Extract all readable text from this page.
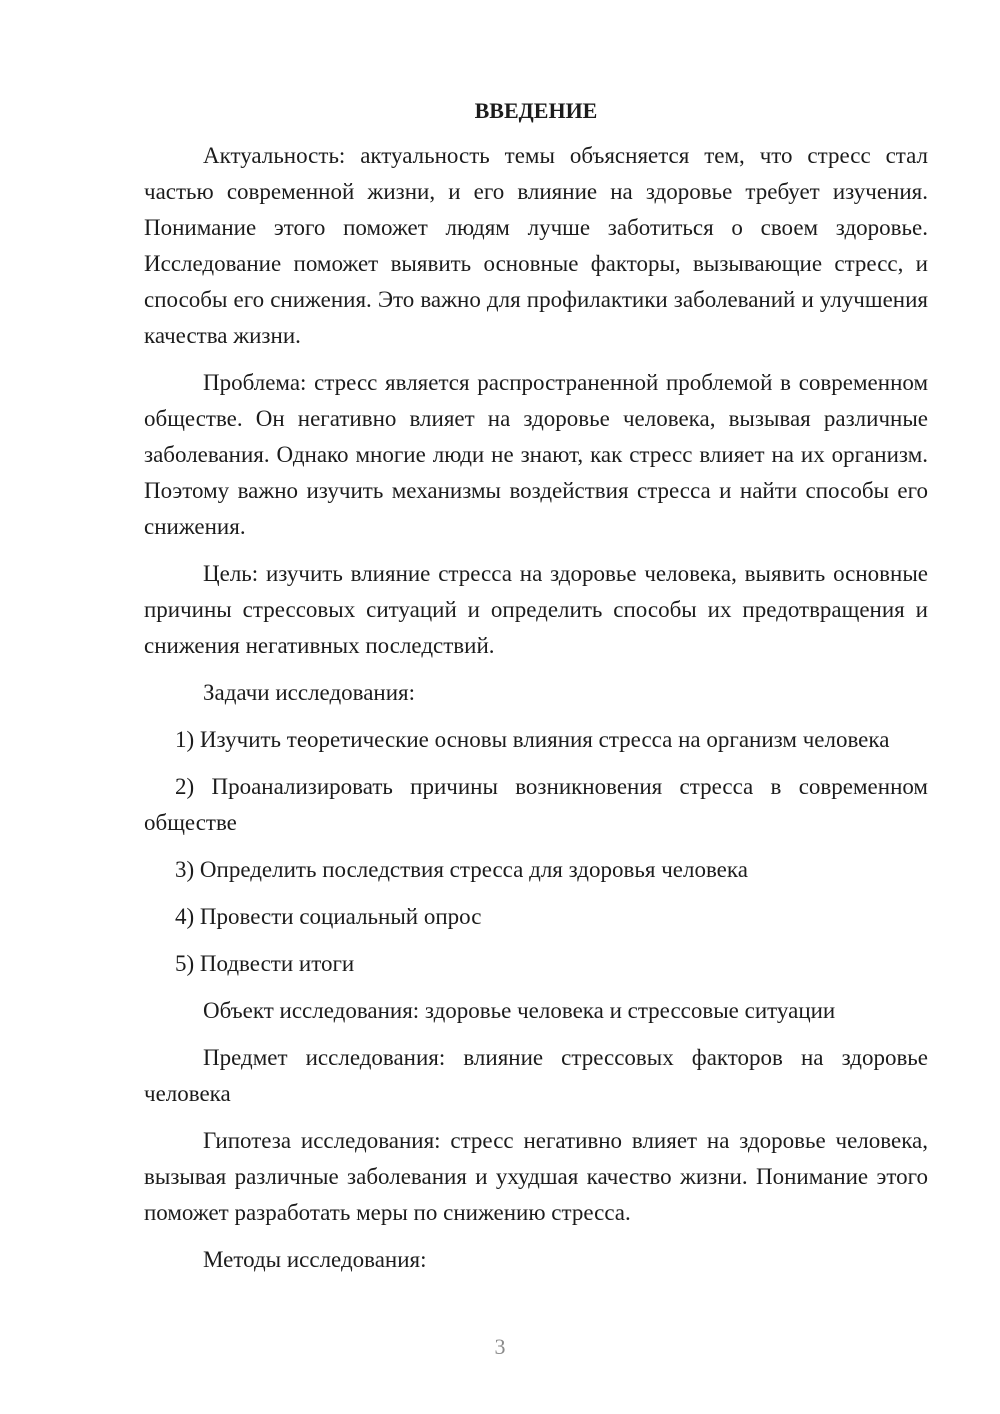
ВВЕДЕНИЕ

Актуальность: актуальность темы объясняется тем, что стресс стал частью современной жизни, и его влияние на здоровье требует изучения. Понимание этого поможет людям лучше заботиться о своем здоровье. Исследование поможет выявить основные факторы, вызывающие стресс, и способы его снижения. Это важно для профилактики заболеваний и улучшения качества жизни.

Проблема: стресс является распространенной проблемой в современном обществе. Он негативно влияет на здоровье человека, вызывая различные заболевания. Однако многие люди не знают, как стресс влияет на их организм. Поэтому важно изучить механизмы воздействия стресса и найти способы его снижения.

Цель: изучить влияние стресса на здоровье человека, выявить основные причины стрессовых ситуаций и определить способы их предотвращения и снижения негативных последствий.

Задачи исследования:

1) Изучить теоретические основы влияния стресса на организм человека

2) Проанализировать причины возникновения стресса в современном обществе

3) Определить последствия стресса для здоровья человека

4) Провести социальный опрос

5) Подвести итоги

Объект исследования: здоровье человека и стрессовые ситуации

Предмет исследования: влияние стрессовых факторов на здоровье человека

Гипотеза исследования: стресс негативно влияет на здоровье человека, вызывая различные заболевания и ухудшая качество жизни. Понимание этого поможет разработать меры по снижению стресса.

Методы исследования:

3
